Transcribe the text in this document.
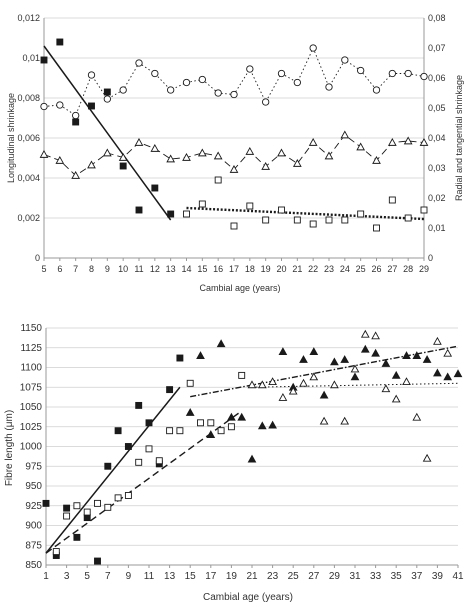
Cambial age (years)
Longitudinal shrinkage	Radial and tangential shrinkage
0
0,002
0,004
0,006
0,008
0,01
0,012
0
0,01
0,02
0,03
0,04
0,05
0,06
0,07
0,08
5 6 7 8 9 10 11 12 13 14 15 16 17 18 19 20 21 22 23 24 25 26 27 28 29
Cambial age (years)
Fibre length (μm)
850
875
900
925
950
975
1000
1025
1050
1075
1100
1125
1150
1 3 5 7 9 11 13 15 17 19 21 23 25 27 29 31 33 35 37 39 41
